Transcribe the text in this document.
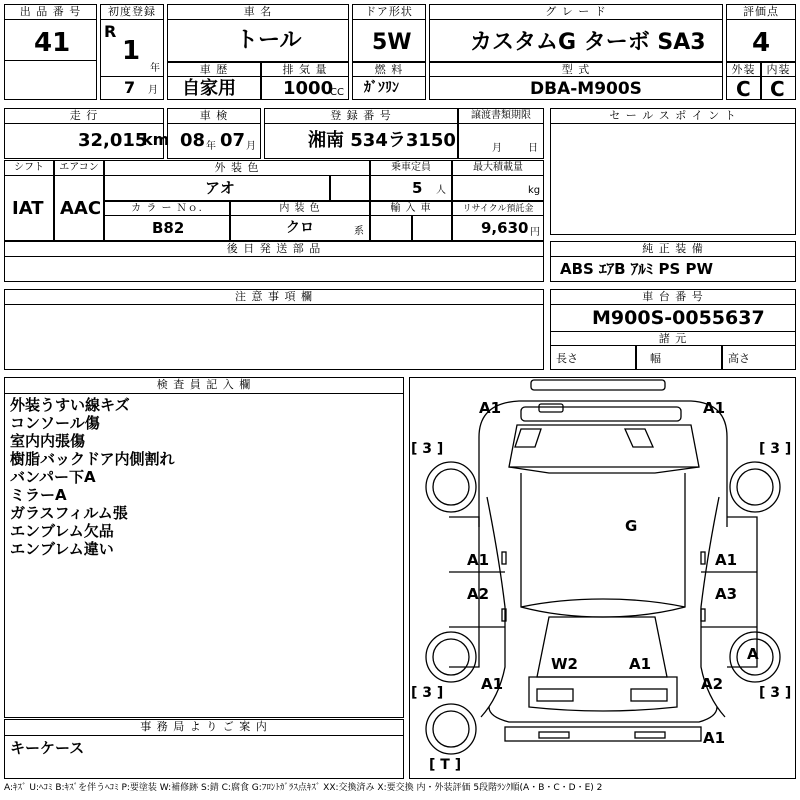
出 品 番 号
41
初度登録
R
1
年
7 月
車 名
トール
ドア形状
5W
グ レ ー ド
カスタムG ターボ SA3
評価点
4
車 歴
自家用
排 気 量
1000
CC
燃 料
ｶﾞｿﾘﾝ
型 式
DBA-M900S
外装	内装
C C
走 行
32,015
km
車 検
08 年 07 月
登 録 番 号
湘南 534ラ3150
譲渡書類期限
月	日
セ ー ル ス ポ イ ン ト
シフト
IAT
エアコン
AAC
外 装 色
アオ
乗車定員
5 人
最大積載量
kg
カ ラ ー Ｎｏ.
B82
内 装 色
クロ	系
輸 入 車	リサイクル預託金
9,630 円
後 日 発 送 部 品	純 正 装 備
ABS ｴｱB ｱﾙﾐ PS PW
注 意 事 項 欄	車 台 番 号
M900S-0055637
諸 元
長さ	幅	高さ
検 査 員 記 入 欄
外装うすい線キズ
コンソール傷
室内内張傷
樹脂バックドア内側割れ
バンパー下A
ミラーA
ガラスフィルム張
エンブレム欠品
エンブレム違い
事 務 局 よ り ご 案 内
キーケース
A1	A1
G
A1	A1
A2	A3
W2	A1
A
A1	A2
A1
[ 3 ]	[ 3 ]
[ 3 ]	[ 3 ]
[ T ]
A:ｷｽﾞ U:ﾍｺﾐ B:ｷｽﾞを伴うﾍｺﾐ P:要塗装 W:補修跡 S:錆 C:腐食 G:ﾌﾛﾝﾄｶﾞﾗｽ点ｷｽﾞ XX:交換済み X:要交換 内・外装評価 5段階ﾗﾝｸ順(A・B・C・D・E) 2
